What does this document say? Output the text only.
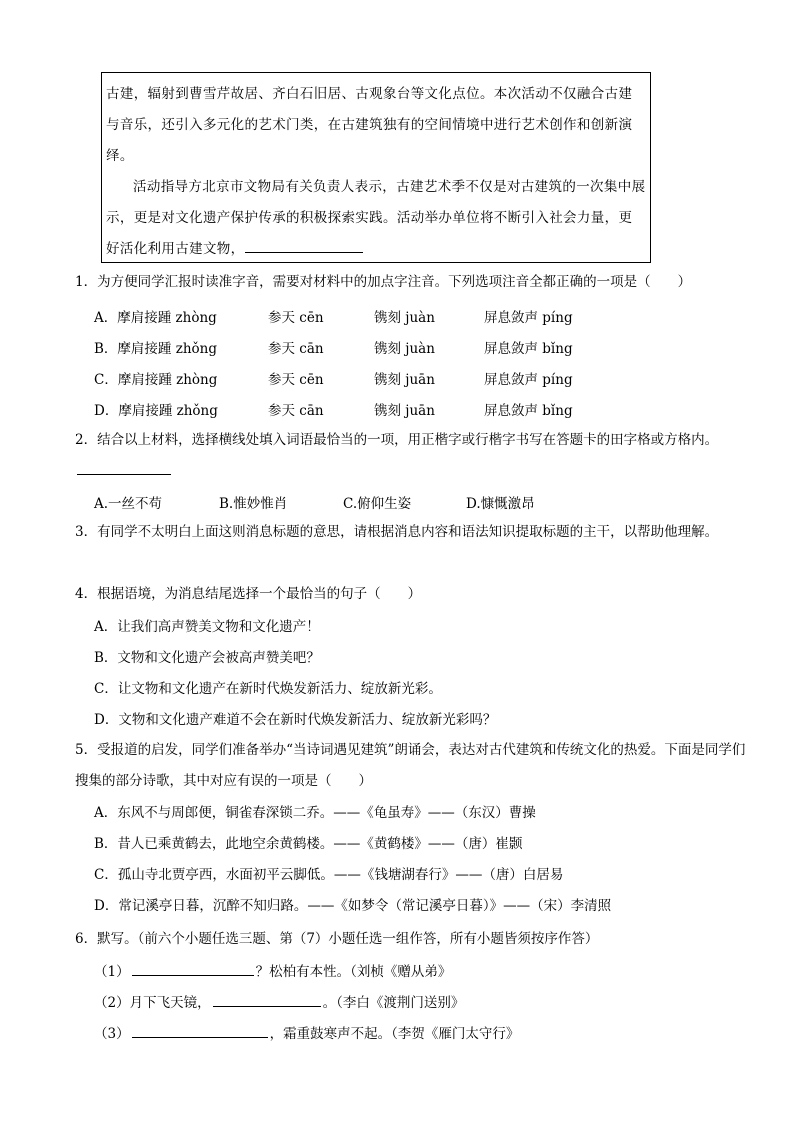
古建，辐射到曹雪芹故居、齐白石旧居、古观象台等文化点位。本次活动不仅融合古建与音乐，还引入多元化的艺术门类，在古建筑独有的空间情境中进行艺术创作和创新演绎。

活动指导方北京市文物局有关负责人表示，古建艺术季不仅是对古建筑的一次集中展示，更是对文化遗产保护传承的积极探索实践。活动举办单位将不断引入社会力量，更好活化利用古建文物，

1．为方便同学汇报时读准字音，需要对材料中的加点字注音。下列选项注音全都正确的一项是（　　）
A．摩肩接踵 zhòng	参天 cēn	镌刻 juàn	屏息敛声 píng
B．摩肩接踵 zhǒng	参天 cān	镌刻 juàn	屏息敛声 bǐng
C．摩肩接踵 zhòng	参天 cēn	镌刻 juān	屏息敛声 píng
D．摩肩接踵 zhǒng	参天 cān	镌刻 juān	屏息敛声 bǐng
2．结合以上材料，选择横线处填入词语最恰当的一项，用正楷字或行楷字书写在答题卡的田字格或方格内。
A.一丝不苟	B.惟妙惟肖	C.俯仰生姿	D.慷慨激昂
3．有同学不太明白上面这则消息标题的意思，请根据消息内容和语法知识提取标题的主干，以帮助他理解。
4．根据语境，为消息结尾选择一个最恰当的句子（　　）
A．让我们高声赞美文物和文化遗产！
B．文物和文化遗产会被高声赞美吧？
C．让文物和文化遗产在新时代焕发新活力、绽放新光彩。
D．文物和文化遗产难道不会在新时代焕发新活力、绽放新光彩吗？
5．受报道的启发，同学们准备举办“当诗词遇见建筑”朗诵会，表达对古代建筑和传统文化的热爱。下面是同学们搜集的部分诗歌，其中对应有误的一项是（　　）
A．东风不与周郎便，铜雀春深锁二乔。——《龟虽寿》——（东汉）曹操
B．昔人已乘黄鹤去，此地空余黄鹤楼。——《黄鹤楼》——（唐）崔颢
C．孤山寺北贾亭西，水面初平云脚低。——《钱塘湖春行》——（唐）白居易
D．常记溪亭日暮，沉醉不知归路。——《如梦令（常记溪亭日暮）》——（宋）李清照
6．默写。（前六个小题任选三题、第（7）小题任选一组作答，所有小题皆须按序作答）
（1）	？松柏有本性。（刘桢《赠从弟》
（2）月下飞天镜，	。（李白《渡荆门送别》
（3）	，霜重鼓寒声不起。（李贺《雁门太守行》
